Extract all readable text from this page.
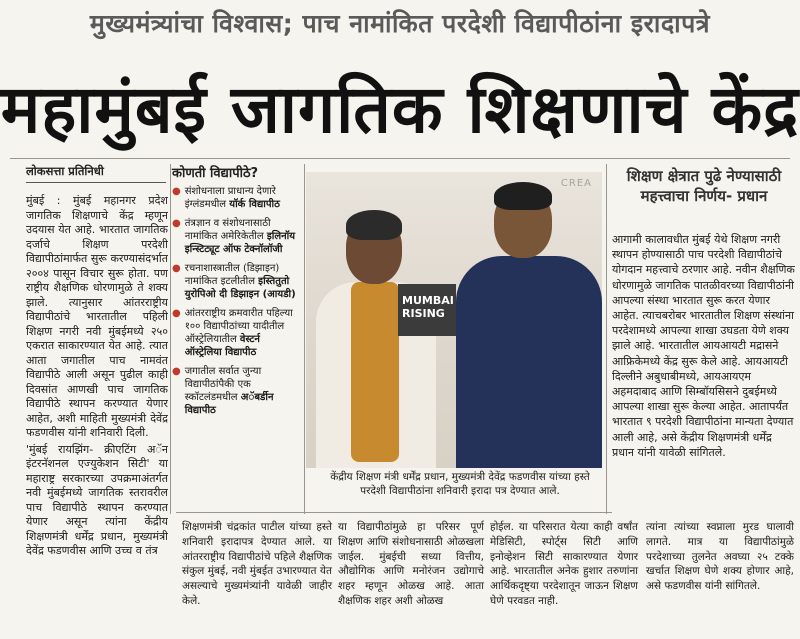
मुख्यमंत्र्यांचा विश्वास; पाच नामांकित परदेशी विद्यापीठांना इरादापत्रे
महामुंबई जागतिक शिक्षणाचे केंद्र
लोकसत्ता प्रतिनिधी

मुंबई : मुंबई महानगर प्रदेश जागतिक शिक्षणाचे केंद्र म्हणून उदयास येत आहे. भारतात जागतिक दर्जाचे शिक्षण परदेशी विद्यापीठांमार्फत सुरू करण्यासंदर्भात २००४ पासून विचार सुरू होता. पण राष्ट्रीय शैक्षणिक धोरणामुळे ते शक्य झाले. त्यानुसार आंतरराष्ट्रीय विद्यापीठांचे भारतातील पहिली शिक्षण नगरी नवी मुंबईमध्ये २५० एकरात साकारण्यात येत आहे. त्यात आता जगातील पाच नामवंत विद्यापीठे आली असून पुढील काही दिवसांत आणखी पाच जागतिक विद्यापीठे स्थापन करण्यात येणार आहेत, अशी माहिती मुख्यमंत्री देवेंद्र फडणवीस यांनी शनिवारी दिली.

'मुंबई रायझिंग- क्रीएटिंग अॅन इंटरनॅशनल एज्युकेशन सिटी' या महाराष्ट्र सरकारच्या उपक्रमाअंतर्गत नवी मुंबईमध्ये जागतिक स्तरावरील पाच विद्यापीठे स्थापन करण्यात येणार असून त्यांना केंद्रीय शिक्षणमंत्री धर्मेंद्र प्रधान, मुख्यमंत्री देवेंद्र फडणवीस आणि उच्च व तंत्र

कोणती विद्यापीठे?
● संशोधनाला प्राधान्य देणारे इंग्लंडमधील यॉर्क विद्यापीठ
● तंत्रज्ञान व संशोधनासाठी नामांकित अमेरिकेतील इलिनॉय इन्स्टिट्यूट ऑफ टेक्नॉलॉजी
● रचनाशास्त्रातील (डिझाइन) नामांकित इटलीतील इस्तितुतो युरोपिओ दी डिझाइन (आयडी)
● आंतरराष्ट्रीय क्रमवारीत पहिल्या १०० विद्यापीठांच्या यादीतील ऑस्ट्रेलियातील वेस्टर्न ऑस्ट्रेलिया विद्यापीठ
● जगातील सर्वात जुन्या विद्यापीठांपैकी एक स्कॉटलंडमधील अॅबर्डीन विद्यापीठ
CREA
MUMBAI
RISING
केंद्रीय शिक्षण मंत्री धर्मेंद्र प्रधान, मुख्यमंत्री देवेंद्र फडणवीस यांच्या हस्ते परदेशी विद्यापीठांना शनिवारी इरादा पत्र देण्यात आले.
शिक्षण क्षेत्रात पुढे नेण्यासाठी महत्त्वाचा निर्णय- प्रधान
आगामी कालावधीत मुंबई येथे शिक्षण नगरी स्थापन होण्यासाठी पाच परदेशी विद्यापीठांचे योगदान महत्त्वाचे ठरणार आहे. नवीन शैक्षणिक धोरणामुळे जागतिक पातळीवरच्या विद्यापीठांनी आपल्या संस्था भारतात सुरू करत येणार आहेत. त्याचबरोबर भारतातील शिक्षण संस्थांना परदेशामध्ये आपल्या शाखा उघडता येणे शक्य झाले आहे. भारतातील आयआयटी मद्रासने आफ्रिकेमध्ये केंद्र सुरू केले आहे. आयआयटी दिल्लीने अबुधाबीमध्ये, आयआयएम अहमदाबाद आणि सिम्बॉयसिसने दुबईमध्ये आपल्या शाखा सुरू केल्या आहेत. आतापर्यंत भारतात ९ परदेशी विद्यापीठांना मान्यता देण्यात आली आहे, असे केंद्रीय शिक्षणमंत्री धर्मेंद्र प्रधान यांनी यावेळी सांगितले.
शिक्षणमंत्री चंद्रकांत पाटील यांच्या हस्ते शनिवारी इरादापत्र देण्यात आले. या आंतरराष्ट्रीय विद्यापीठांचे पहिले शैक्षणिक संकुल मुंबई, नवी मुंबईत उभारण्यात येत असल्याचे मुख्यमंत्र्यांनी यावेळी जाहीर केले.
या विद्यापीठांमुळे हा परिसर पूर्ण शिक्षण आणि संशोधनासाठी ओळखला जाईल. मुंबईची सध्या वित्तीय, औद्योगिक आणि मनोरंजन उद्योगाचे शहर म्हणून ओळख आहे. आता शैक्षणिक शहर अशी ओळख
होईल. या परिसरात येत्या काही वर्षांत मेडिसिटी, स्पोर्ट्स सिटी आणि इनोव्हेशन सिटी साकारण्यात येणार आहे. भारतातील अनेक हुशार तरुणांना आर्थिकदृष्ट्या परदेशातून जाऊन शिक्षण घेणे परवडत नाही.
त्यांना त्यांच्या स्वप्नाला मुरड घालावी लागते. मात्र या विद्यापीठांमुळे परदेशाच्या तुलनेत अवघ्या २५ टक्के खर्चात शिक्षण घेणे शक्य होणार आहे, असे फडणवीस यांनी सांगितले.
